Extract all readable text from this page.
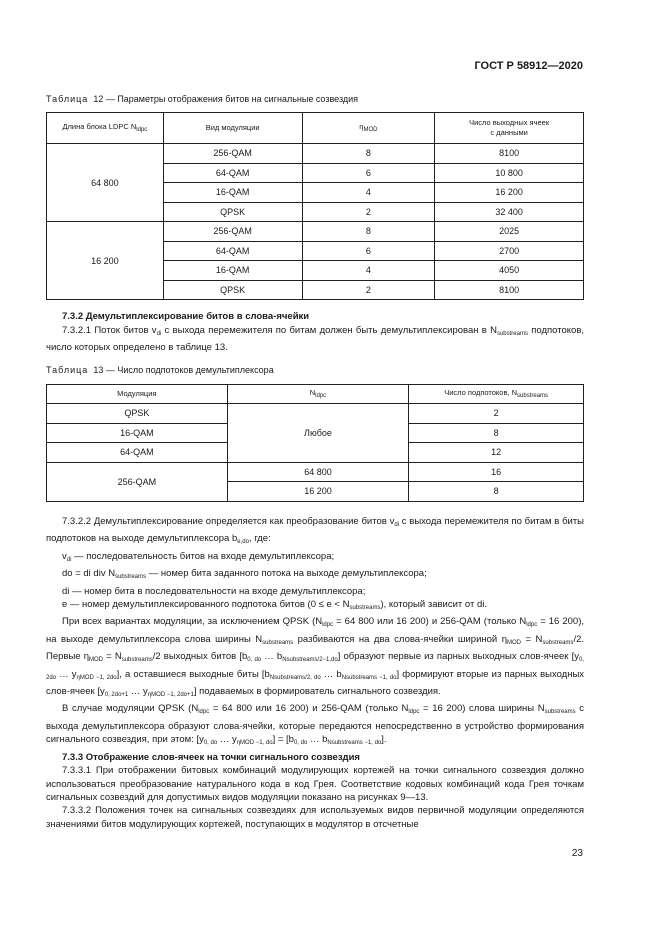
ГОСТ Р 58912—2020
Таблица 12 — Параметры отображения битов на сигнальные созвездия
Длина блока LDPC $N_{ldpc}$	Вид модуляции	$\eta_{MOD}$	Число выходных ячеек
с данными
64 800	256-QAM	8	8100
	64-QAM	6	10 800
	16-QAM	4	16 200
	QPSK	2	32 400
16 200	256-QAM	8	2025
	64-QAM	6	2700
	16-QAM	4	4050
	QPSK	2	8100
7.3.2 Демультиплексирование битов в слова-ячейки

7.3.2.1 Поток битов $v_{di}$ с выхода перемежителя по битам должен быть демультиплексирован в $N_{substreams}$ подпотоков, число которых определено в таблице 13.

Таблица 13 — Число подпотоков демультиплексора
Модуляция	$N_{ldpc}$	Число подпотоков, $N_{substreams}$
QPSK	Любое	2
16-QAM		8
64-QAM		12
256-QAM	64 800	16
	16 200	8

7.3.2.2 Демультиплексирование определяется как преобразование битов $v_{di}$ с выхода перемежителя по битам в биты подпотоков на выходе демультиплексора $b_{e,do}$, где:

$v_{di}$ — последовательность битов на входе демультиплексора;

do = di div $N_{substreams}$ — номер бита заданного потока на выходе демультиплексора;

di — номер бита в последовательности на входе демультиплексора;

e — номер демультиплексированного подпотока битов $(0 \le e < N_{substreams})$, который зависит от di.

При всех вариантах модуляции, за исключением QPSK ($N_{ldpc} = 64$ 800 или 16 200) и 256-QAM (только $N_{ldpc} = 16$ 200), на выходе демультиплексора слова ширины $N_{substreams}$ разбиваются на два слова-ячейки шириной $\eta_{MOD} = N_{substreams}/2$. Первые $\eta_{MOD} = N_{substreams}/2$ выходных битов [$b_{0, do}$ … $b_{Nsubstreams/2-1,do}$] образуют первые из парных выходных слов-ячеек [$y_{0, 2do}$ … $y_{\eta MOD -1, 2do}$], а оставшиеся выходные биты [$b_{Nsubstreams/2, do}$ … $b_{Nsubstreams -1, do}$] формируют вторые из парных выходных слов-ячеек [$y_{0, 2do+1}$ … $y_{\eta MOD -1, 2do+1}$] подаваемых в формирователь сигнального созвездия.

В случае модуляции QPSK ($N_{ldpc} = 64$ 800 или 16 200) и 256-QAM (только $N_{ldpc} = 16$ 200) слова ширины $N_{substreams}$ с выхода демультиплексора образуют слова-ячейки, которые передаются непосредственно в устройство формирования сигнального созвездия, при этом: [$y_{0, do}$ … $y_{\eta MOD -1, do}] = [b_{0, do}$ … $b_{Nsubstreams -1, do}$].

7.3.3 Отображение слов-ячеек на точки сигнального созвездия

7.3.3.1 При отображении битовых комбинаций модулирующих кортежей на точки сигнального созвездия должно использоваться преобразование натурального кода в код Грея. Соответствие кодовых комбинаций кода Грея точкам сигнальных созвездий для допустимых видов модуляции показано на рисунках 9—13.

7.3.3.2 Положения точек на сигнальных созвездиях для используемых видов первичной модуляции определяются значениями битов модулирующих кортежей, поступающих в модулятор в отсчетные

23
